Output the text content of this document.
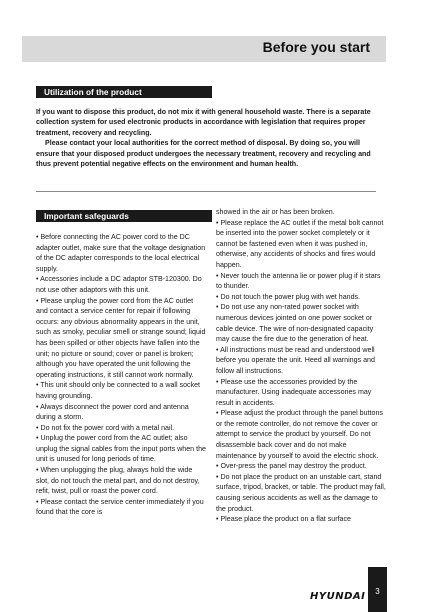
Before you start
Utilization of the product

If you want to dispose this product, do not mix it with general household waste. There is a separate collection system for used electronic products in accordance with legislation that requires proper treatment, recovery and recycling.

Please contact your local authorities for the correct method of disposal. By doing so, you will ensure that your disposed product undergoes the necessary treatment, recovery and recycling and thus prevent potential negative effects on the environment and human health.

Important safeguards

• Before connecting the AC power cord to the DC adapter outlet, make sure that the voltage designation of the DC adapter corresponds to the local electrical supply.

• Accessories include a DC adaptor STB-120300. Do not use other adaptors with this unit.

• Please unplug the power cord from the AC outlet and contact a service center for repair if following occurs: any obvious abnormality appears in the unit, such as smoky, peculiar smell or strange sound; liquid has been spilled or other objects have fallen into the unit; no picture or sound; cover or panel is broken; although you have operated the unit following the operating instructions, it still cannot work normally.

• This unit should only be connected to a wall socket having grounding.

• Always disconnect the power cord and antenna during a storm.

• Do not fix the power cord with a metal nail.

• Unplug the power cord from the AC outlet; also unplug the signal cables from the input ports when the unit is unused for long periods of time.

• When unplugging the plug, always hold the wide slot, do not touch the metal part, and do not destroy, refit, twist, pull or roast the power cord.

• Please contact the service center immediately if you found that the core is

showed in the air or has been broken.

• Please replace the AC outlet if the metal bolt cannot be inserted into the power socket completely or it cannot be fastened even when it was pushed in, otherwise, any accidents of shocks and fires would happen.

• Never touch the antenna lie or power plug if it stars to thunder.

• Do not touch the power plug with wet hands.

• Do not use any non-rated power socket with numerous devices jointed on one power socket or cable device. The wire of non-designated capacity may cause the fire due to the generation of heat.

• All instructions must be read and understood well before you operate the unit. Heed all warnings and follow all instructions.

• Please use the accessories provided by the manufacturer. Using inadequate accessories may result in accidents.

• Please adjust the product through the panel buttons or the remote controller, do not remove the cover or attempt to service the product by yourself. Do not disassemble back cover and do not make maintenance by yourself to avoid the electric shock.

• Over-press the panel may destroy the product.

• Do not place the product on an unstable cart, stand surface, tripod, bracket, or table. The product may fall, causing serious accidents as well as the damage to the product.

• Please place the product on a flat surface

HYUNDAI	3
